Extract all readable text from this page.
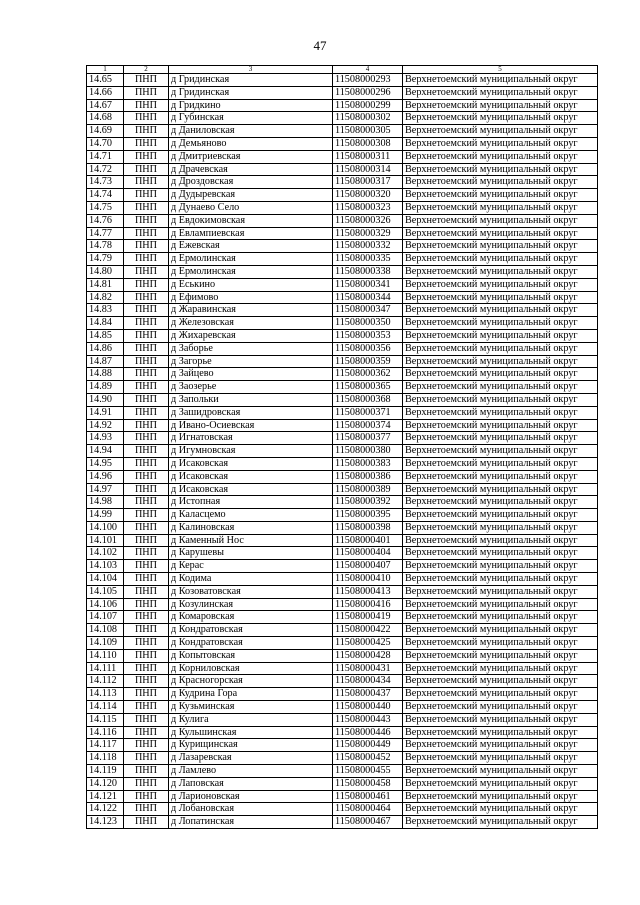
47
1	2	3	4	5
14.65	ПНП	д Гридинская	11508000293	Верхнетоемский муниципальный округ
14.66	ПНП	д Гридинская	11508000296	Верхнетоемский муниципальный округ
14.67	ПНП	д Гридкино	11508000299	Верхнетоемский муниципальный округ
14.68	ПНП	д Губинская	11508000302	Верхнетоемский муниципальный округ
14.69	ПНП	д Даниловская	11508000305	Верхнетоемский муниципальный округ
14.70	ПНП	д Демьяново	11508000308	Верхнетоемский муниципальный округ
14.71	ПНП	д Дмитриевская	11508000311	Верхнетоемский муниципальный округ
14.72	ПНП	д Драчевская	11508000314	Верхнетоемский муниципальный округ
14.73	ПНП	д Дроздовская	11508000317	Верхнетоемский муниципальный округ
14.74	ПНП	д Дудыревская	11508000320	Верхнетоемский муниципальный округ
14.75	ПНП	д Дунаево Село	11508000323	Верхнетоемский муниципальный округ
14.76	ПНП	д Евдокимовская	11508000326	Верхнетоемский муниципальный округ
14.77	ПНП	д Евлампиевская	11508000329	Верхнетоемский муниципальный округ
14.78	ПНП	д Ежевская	11508000332	Верхнетоемский муниципальный округ
14.79	ПНП	д Ермолинская	11508000335	Верхнетоемский муниципальный округ
14.80	ПНП	д Ермолинская	11508000338	Верхнетоемский муниципальный округ
14.81	ПНП	д Еськино	11508000341	Верхнетоемский муниципальный округ
14.82	ПНП	д Ефимово	11508000344	Верхнетоемский муниципальный округ
14.83	ПНП	д Жаравинская	11508000347	Верхнетоемский муниципальный округ
14.84	ПНП	д Железовская	11508000350	Верхнетоемский муниципальный округ
14.85	ПНП	д Жихаревская	11508000353	Верхнетоемский муниципальный округ
14.86	ПНП	д Заборье	11508000356	Верхнетоемский муниципальный округ
14.87	ПНП	д Загорье	11508000359	Верхнетоемский муниципальный округ
14.88	ПНП	д Зайцево	11508000362	Верхнетоемский муниципальный округ
14.89	ПНП	д Заозерье	11508000365	Верхнетоемский муниципальный округ
14.90	ПНП	д Запольки	11508000368	Верхнетоемский муниципальный округ
14.91	ПНП	д Зашидровская	11508000371	Верхнетоемский муниципальный округ
14.92	ПНП	д Ивано-Осиевская	11508000374	Верхнетоемский муниципальный округ
14.93	ПНП	д Игнатовская	11508000377	Верхнетоемский муниципальный округ
14.94	ПНП	д Игумновская	11508000380	Верхнетоемский муниципальный округ
14.95	ПНП	д Исаковская	11508000383	Верхнетоемский муниципальный округ
14.96	ПНП	д Исаковская	11508000386	Верхнетоемский муниципальный округ
14.97	ПНП	д Исаковская	11508000389	Верхнетоемский муниципальный округ
14.98	ПНП	д Истопная	11508000392	Верхнетоемский муниципальный округ
14.99	ПНП	д Каласцемо	11508000395	Верхнетоемский муниципальный округ
14.100	ПНП	д Калиновская	11508000398	Верхнетоемский муниципальный округ
14.101	ПНП	д Каменный Нос	11508000401	Верхнетоемский муниципальный округ
14.102	ПНП	д Карушевы	11508000404	Верхнетоемский муниципальный округ
14.103	ПНП	д Керас	11508000407	Верхнетоемский муниципальный округ
14.104	ПНП	д Кодима	11508000410	Верхнетоемский муниципальный округ
14.105	ПНП	д Козоватовская	11508000413	Верхнетоемский муниципальный округ
14.106	ПНП	д Козулинская	11508000416	Верхнетоемский муниципальный округ
14.107	ПНП	д Комаровская	11508000419	Верхнетоемский муниципальный округ
14.108	ПНП	д Кондратовская	11508000422	Верхнетоемский муниципальный округ
14.109	ПНП	д Кондратовская	11508000425	Верхнетоемский муниципальный округ
14.110	ПНП	д Копытовская	11508000428	Верхнетоемский муниципальный округ
14.111	ПНП	д Корниловская	11508000431	Верхнетоемский муниципальный округ
14.112	ПНП	д Красногорская	11508000434	Верхнетоемский муниципальный округ
14.113	ПНП	д Кудрина Гора	11508000437	Верхнетоемский муниципальный округ
14.114	ПНП	д Кузьминская	11508000440	Верхнетоемский муниципальный округ
14.115	ПНП	д Кулига	11508000443	Верхнетоемский муниципальный округ
14.116	ПНП	д Кульшинская	11508000446	Верхнетоемский муниципальный округ
14.117	ПНП	д Курищинская	11508000449	Верхнетоемский муниципальный округ
14.118	ПНП	д Лазаревская	11508000452	Верхнетоемский муниципальный округ
14.119	ПНП	д Ламлево	11508000455	Верхнетоемский муниципальный округ
14.120	ПНП	д Лаповская	11508000458	Верхнетоемский муниципальный округ
14.121	ПНП	д Ларионовская	11508000461	Верхнетоемский муниципальный округ
14.122	ПНП	д Лобановская	11508000464	Верхнетоемский муниципальный округ
14.123	ПНП	д Лопатинская	11508000467	Верхнетоемский муниципальный округ
